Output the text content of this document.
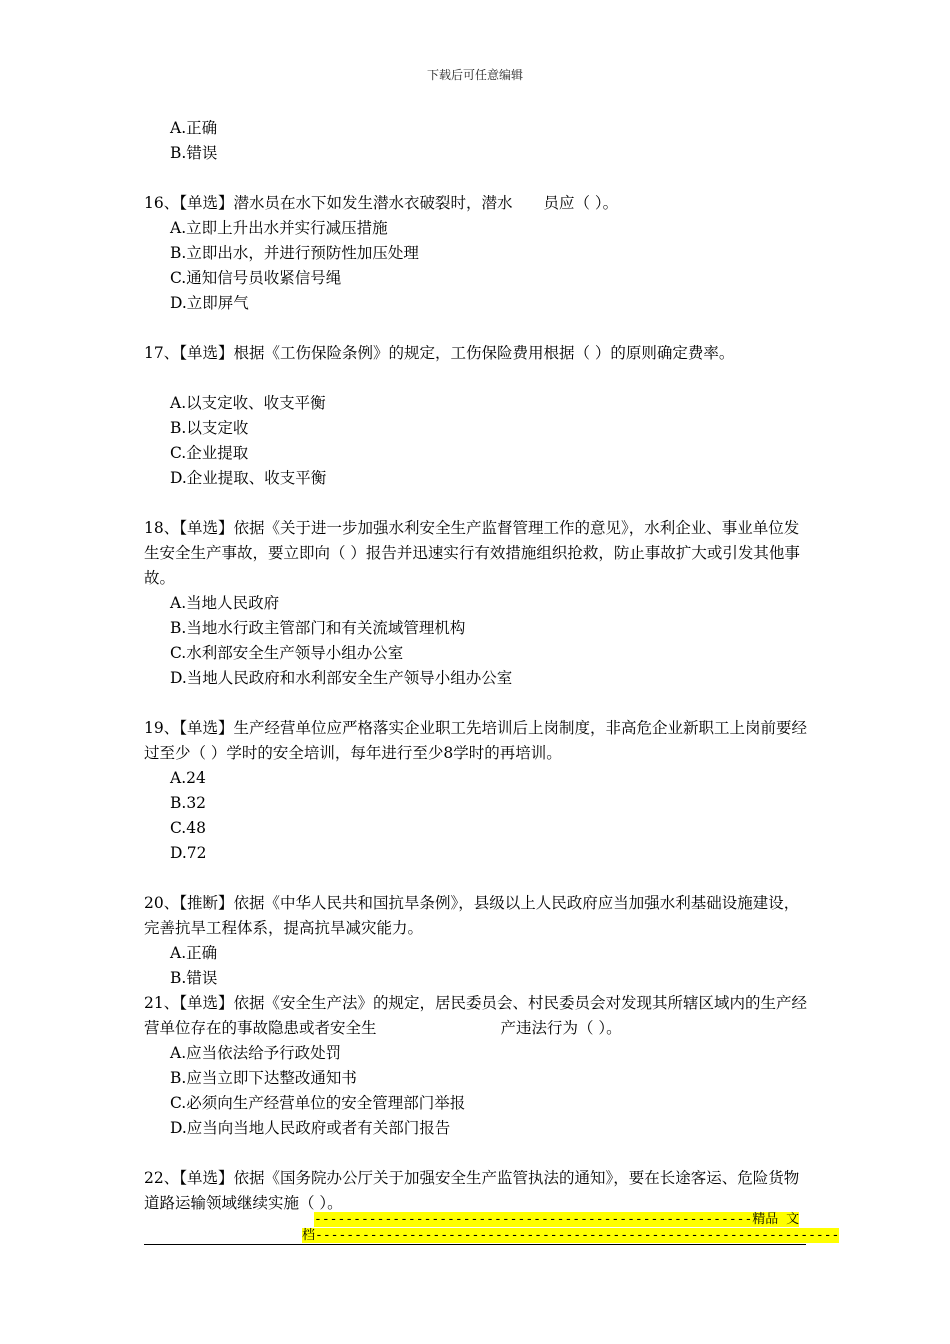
下载后可任意编辑
A.正确
B.错误
16、【单选】潜水员在水下如发生潜水衣破裂时，潜水　　员应（ ）。
A.立即上升出水并实行减压措施
B.立即出水，并进行预防性加压处理
C.通知信号员收紧信号绳
D.立即屏气
17、【单选】根据《工伤保险条例》的规定，工伤保险费用根据（ ）的原则确定费率。
A.以支定收、收支平衡
B.以支定收
C.企业提取
D.企业提取、收支平衡
18、【单选】依据《关于进一步加强水利安全生产监督管理工作的意见》，水利企业、事业单位发生安全生产事故，要立即向（ ）报告并迅速实行有效措施组织抢救，防止事故扩大或引发其他事故。
A.当地人民政府
B.当地水行政主管部门和有关流域管理机构
C.水利部安全生产领导小组办公室
D.当地人民政府和水利部安全生产领导小组办公室
19、【单选】生产经营单位应严格落实企业职工先培训后上岗制度，非高危企业新职工上岗前要经过至少（ ）学时的安全培训，每年进行至少8学时的再培训。
A.24
B.32
C.48
D.72
20、【推断】依据《中华人民共和国抗旱条例》，县级以上人民政府应当加强水利基础设施建设，完善抗旱工程体系，提高抗旱减灾能力。
A.正确
B.错误
21、【单选】依据《安全生产法》的规定，居民委员会、村民委员会对发现其所辖区域内的生产经营单位存在的事故隐患或者安全生　　　　　　　　产违法行为（ ）。
A.应当依法给予行政处罚
B.应当立即下达整改通知书
C.必须向生产经营单位的安全管理部门举报
D.应当向当地人民政府或者有关部门报告
22、【单选】依据《国务院办公厅关于加强安全生产监管执法的通知》，要在长途客运、危险货物道路运输领域继续实施（ ）。
--------------------------------------------------------精品 文
档-------------------------------------------------------------------
